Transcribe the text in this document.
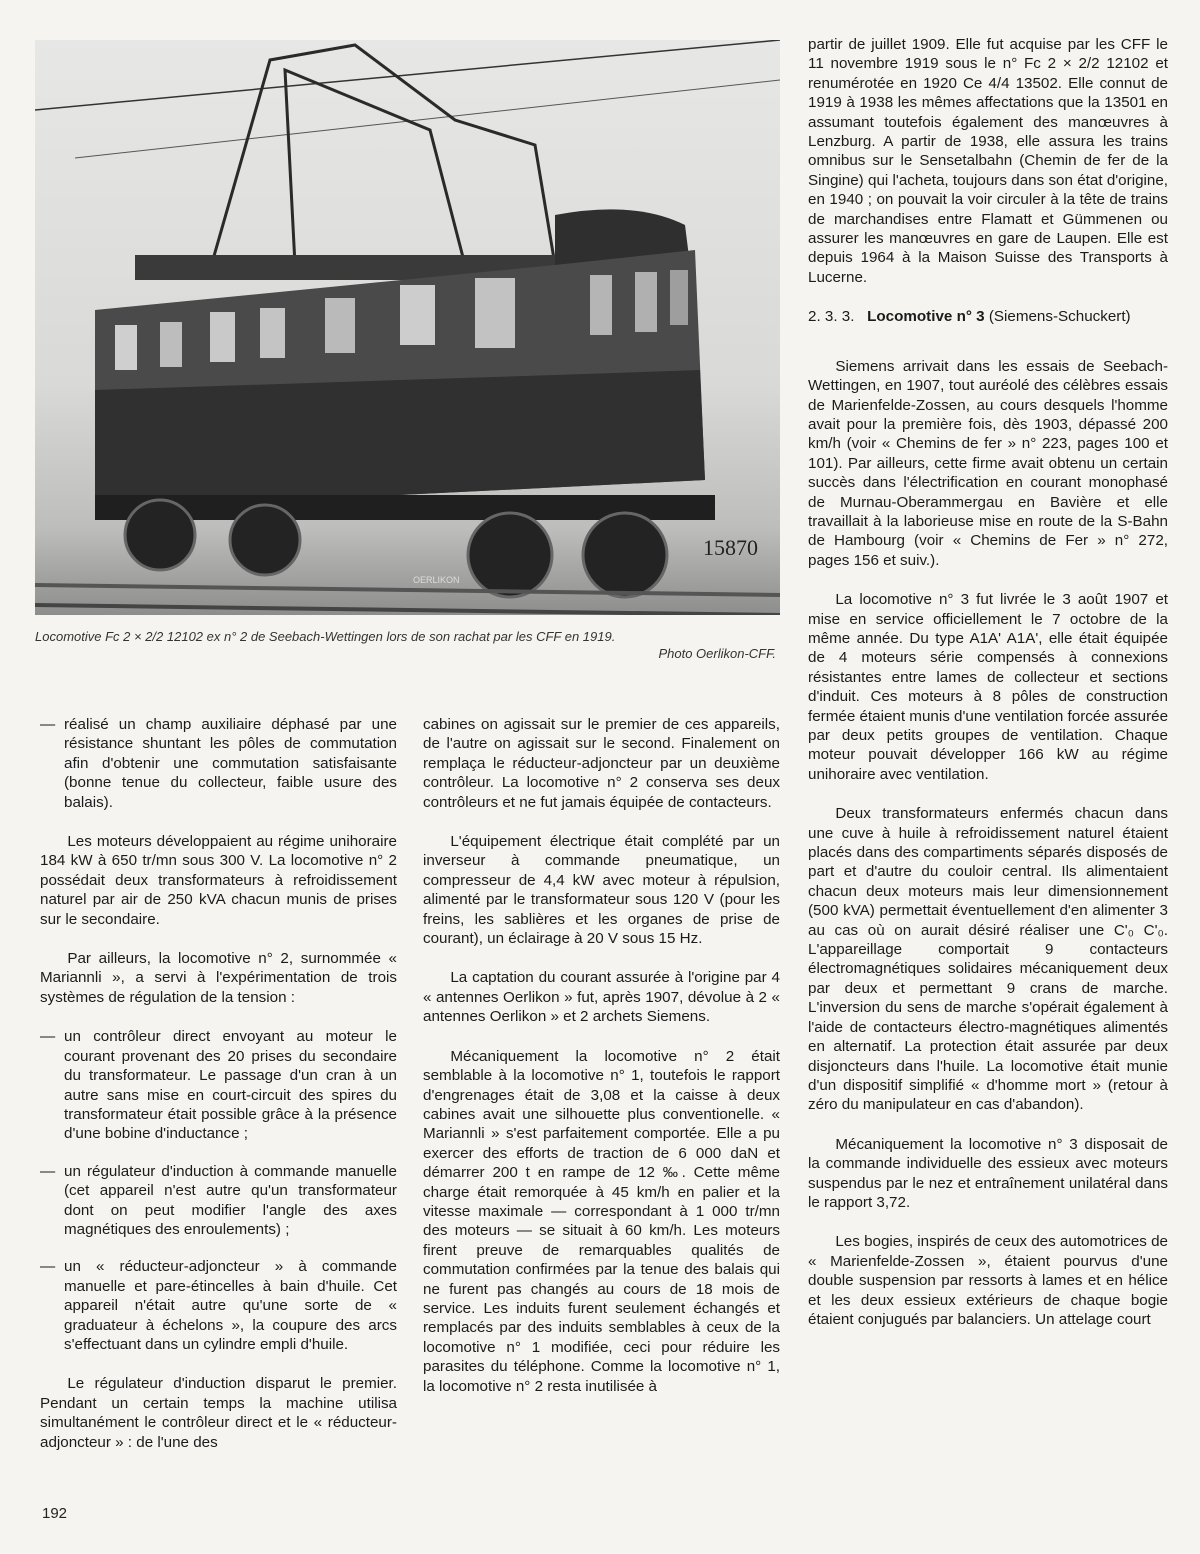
15870
OERLIKON
Locomotive Fc 2 × 2/2 12102 ex n° 2 de Seebach-Wettingen lors de son rachat par les CFF en 1919.
Photo Oerlikon-CFF.
— réalisé un champ auxiliaire déphasé par une résistance shuntant les pôles de commutation afin d'obtenir une commutation satisfaisante (bonne tenue du collecteur, faible usure des balais).

Les moteurs développaient au régime unihoraire 184 kW à 650 tr/mn sous 300 V. La locomotive n° 2 possédait deux transformateurs à refroidissement naturel par air de 250 kVA chacun munis de prises sur le secondaire.

Par ailleurs, la locomotive n° 2, surnommée « Mariannli », a servi à l'expérimentation de trois systèmes de régulation de la tension :

— un contrôleur direct envoyant au moteur le courant provenant des 20 prises du secondaire du transformateur. Le passage d'un cran à un autre sans mise en court-circuit des spires du transformateur était possible grâce à la présence d'une bobine d'inductance ;
— un régulateur d'induction à commande manuelle (cet appareil n'est autre qu'un transformateur dont on peut modifier l'angle des axes magnétiques des enroulements) ;
— un « réducteur-adjoncteur » à commande manuelle et pare-étincelles à bain d'huile. Cet appareil n'était autre qu'une sorte de « graduateur à échelons », la coupure des arcs s'effectuant dans un cylindre empli d'huile.

Le régulateur d'induction disparut le premier. Pendant un certain temps la machine utilisa simultanément le contrôleur direct et le « réducteur-adjoncteur » : de l'une des

cabines on agissait sur le premier de ces appareils, de l'autre on agissait sur le second. Finalement on remplaça le réducteur-adjoncteur par un deuxième contrôleur. La locomotive n° 2 conserva ses deux contrôleurs et ne fut jamais équipée de contacteurs.

L'équipement électrique était complété par un inverseur à commande pneumatique, un compresseur de 4,4 kW avec moteur à répulsion, alimenté par le transformateur sous 120 V (pour les freins, les sablières et les organes de prise de courant), un éclairage à 20 V sous 15 Hz.

La captation du courant assurée à l'origine par 4 « antennes Oerlikon » fut, après 1907, dévolue à 2 « antennes Oerlikon » et 2 archets Siemens.

Mécaniquement la locomotive n° 2 était semblable à la locomotive n° 1, toutefois le rapport d'engrenages était de 3,08 et la caisse à deux cabines avait une silhouette plus conventionelle. « Mariannli » s'est parfaitement comportée. Elle a pu exercer des efforts de traction de 6 000 daN et démarrer 200 t en rampe de 12 ‰. Cette même charge était remorquée à 45 km/h en palier et la vitesse maximale — correspondant à 1 000 tr/mn des moteurs — se situait à 60 km/h. Les moteurs firent preuve de remarquables qualités de commutation confirmées par la tenue des balais qui ne furent pas changés au cours de 18 mois de service. Les induits furent seulement échangés et remplacés par des induits semblables à ceux de la locomotive n° 1 modifiée, ceci pour réduire les parasites du téléphone. Comme la locomotive n° 1, la locomotive n° 2 resta inutilisée à

partir de juillet 1909. Elle fut acquise par les CFF le 11 novembre 1919 sous le n° Fc 2 × 2/2 12102 et renumérotée en 1920 Ce 4/4 13502. Elle connut de 1919 à 1938 les mêmes affectations que la 13501 en assumant toutefois également des manœuvres à Lenzburg. A partir de 1938, elle assura les trains omnibus sur le Sensetalbahn (Chemin de fer de la Singine) qui l'acheta, toujours dans son état d'origine, en 1940 ; on pouvait la voir circuler à la tête de trains de marchandises entre Flamatt et Gümmenen ou assurer les manœuvres en gare de Laupen. Elle est depuis 1964 à la Maison Suisse des Transports à Lucerne.

2. 3. 3. Locomotive n° 3 (Siemens-Schuckert)

Siemens arrivait dans les essais de Seebach-Wettingen, en 1907, tout auréolé des célèbres essais de Marienfelde-Zossen, au cours desquels l'homme avait pour la première fois, dès 1903, dépassé 200 km/h (voir « Chemins de fer » n° 223, pages 100 et 101). Par ailleurs, cette firme avait obtenu un certain succès dans l'électrification en courant monophasé de Murnau-Oberammergau en Bavière et elle travaillait à la laborieuse mise en route de la S-Bahn de Hambourg (voir « Chemins de Fer » n° 272, pages 156 et suiv.).

La locomotive n° 3 fut livrée le 3 août 1907 et mise en service officiellement le 7 octobre de la même année. Du type A1A' A1A', elle était équipée de 4 moteurs série compensés à connexions résistantes entre lames de collecteur et sections d'induit. Ces moteurs à 8 pôles de construction fermée étaient munis d'une ventilation forcée assurée par deux petits groupes de ventilation. Chaque moteur pouvait développer 166 kW au régime unihoraire avec ventilation.

Deux transformateurs enfermés chacun dans une cuve à huile à refroidissement naturel étaient placés dans des compartiments séparés disposés de part et d'autre du couloir central. Ils alimentaient chacun deux moteurs mais leur dimensionnement (500 kVA) permettait éventuellement d'en alimenter 3 au cas où on aurait désiré réaliser une C'₀ C'₀. L'appareillage comportait 9 contacteurs électromagnétiques solidaires mécaniquement deux par deux et permettant 9 crans de marche. L'inversion du sens de marche s'opérait également à l'aide de contacteurs électro-magnétiques alimentés en alternatif. La protection était assurée par deux disjoncteurs dans l'huile. La locomotive était munie d'un dispositif simplifié « d'homme mort » (retour à zéro du manipulateur en cas d'abandon).

Mécaniquement la locomotive n° 3 disposait de la commande individuelle des essieux avec moteurs suspendus par le nez et entraînement unilatéral dans le rapport 3,72.

Les bogies, inspirés de ceux des automotrices de « Marienfelde-Zossen », étaient pourvus d'une double suspension par ressorts à lames et en hélice et les deux essieux extérieurs de chaque bogie étaient conjugués par balanciers. Un attelage court

192
